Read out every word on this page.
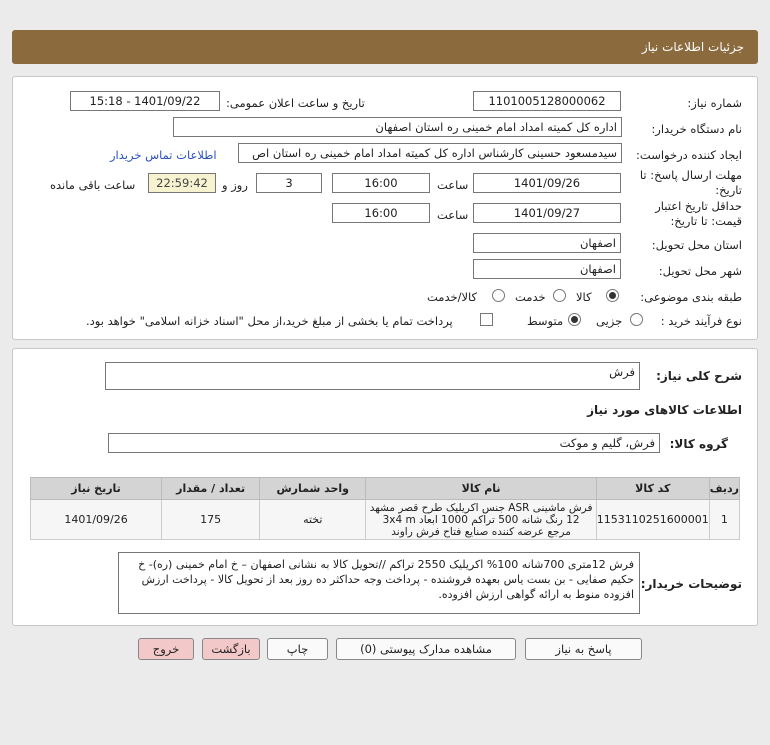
جزئیات اطلاعات نیاز
شماره نیاز:
1101005128000062
تاریخ و ساعت اعلان عمومی:
1401/09/22 - 15:18
نام دستگاه خریدار:
اداره کل کمیته امداد امام خمینی ره استان اصفهان
ایجاد کننده درخواست:
سیدمسعود حسینی کارشناس اداره کل کمیته امداد امام خمینی ره استان اص
اطلاعات تماس خریدار
مهلت ارسال پاسخ: تا
تاریخ:
1401/09/26
ساعت
16:00
3
روز و
22:59:42
ساعت باقی مانده
حداقل تاریخ اعتبار
قیمت: تا تاریخ:
1401/09/27
ساعت
16:00
استان محل تحویل:
اصفهان
شهر محل تحویل:
اصفهان
طبقه بندی موضوعی:
کالا
خدمت
کالا/خدمت
نوع فرآیند خرید :
جزیی
متوسط
پرداخت تمام یا بخشی از مبلغ خرید،از محل "اسناد خزانه اسلامی" خواهد بود.
شرح کلی نیاز:
فرش
اطلاعات کالاهای مورد نیاز
گروه کالا:
فرش، گلیم و موکت
ردیف	کد کالا	نام کالا	واحد شمارش	تعداد / مقدار	تاریخ نیاز
1	1153110251600001	فرش ماشینی ASR جنس اکریلیک طرح قصر مشهد 12 رنگ شانه 500 تراکم 1000 ابعاد 3x4 m مرجع عرضه کننده صنایع فتاح فرش راوند	تخته	175	1401/09/26
توضیحات خریدار:
فرش 12متری 700شانه 100% اکریلیک 2550 تراکم //تحویل کالا به نشانی اصفهان – خ امام خمینی (ره)- خ حکیم صفایی - بن بست یاس بعهده فروشنده - پرداخت وجه حداکثر ده روز بعد از تحویل کالا - پرداخت ارزش افزوده منوط به ارائه گواهی ارزش افزوده.
پاسخ به نیاز
مشاهده مدارک پیوستی (0)
چاپ
بازگشت
خروج
